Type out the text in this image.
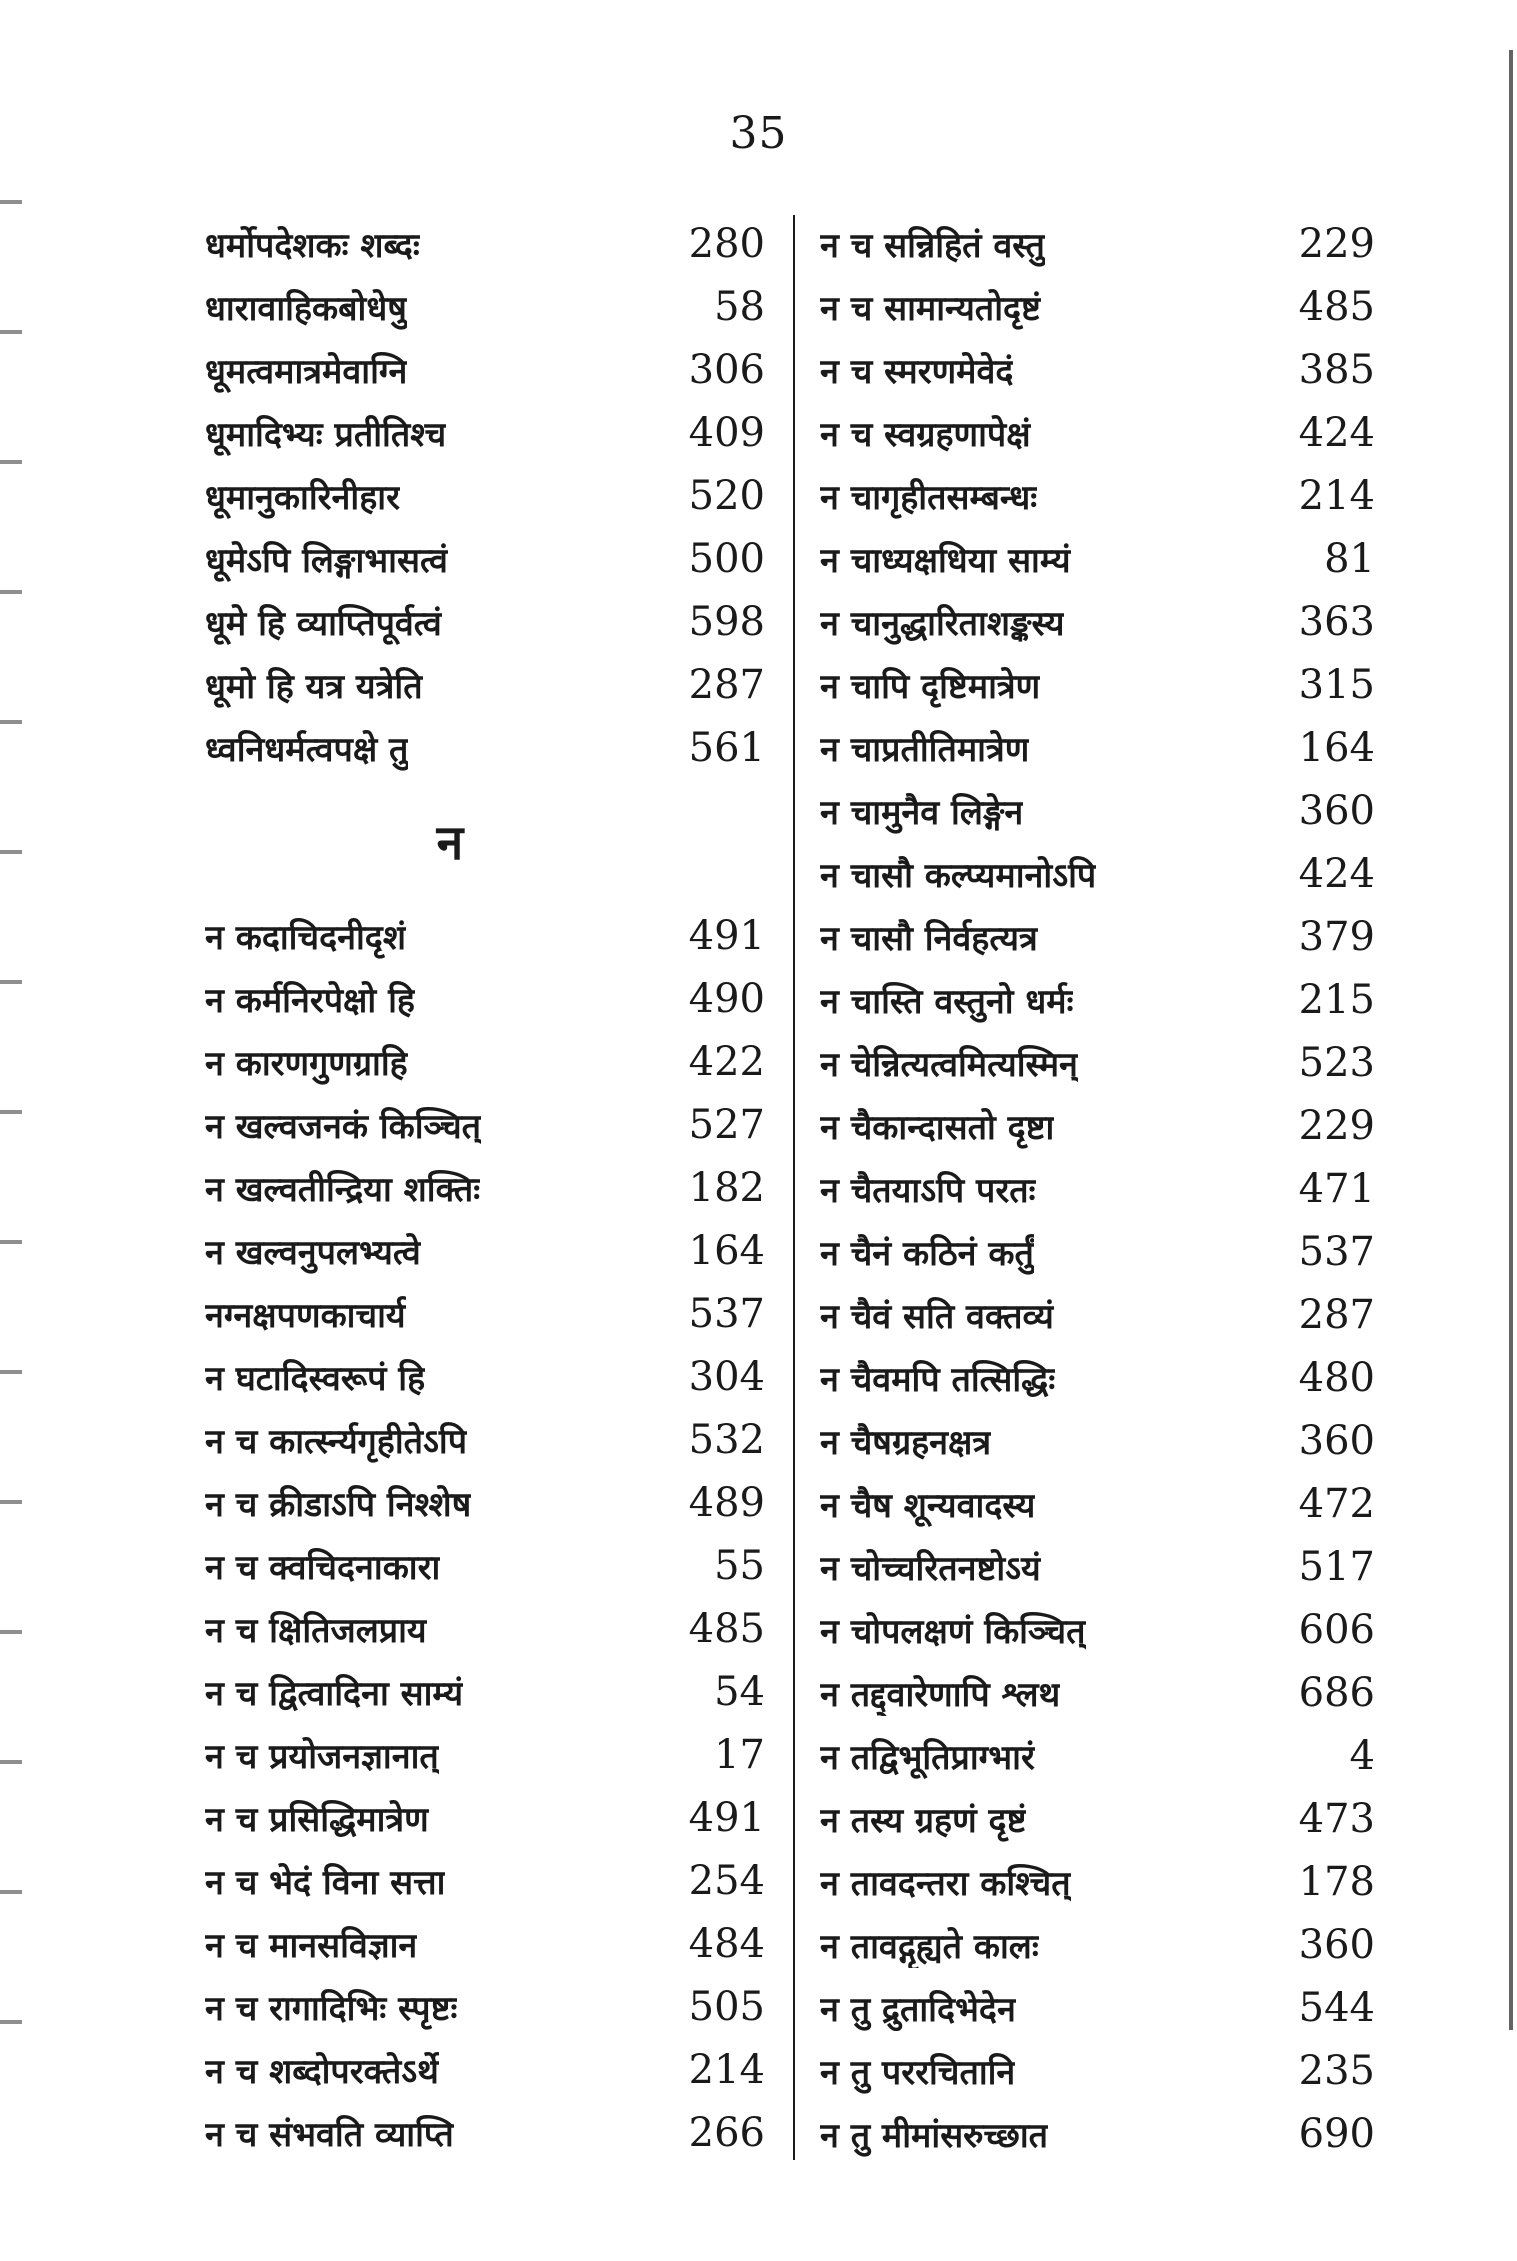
35
धर्मोपदेशकः शब्दः	280
धारावाहिकबोधेषु	58
धूमत्वमात्रमेवाग्नि	306
धूमादिभ्यः प्रतीतिश्च	409
धूमानुकारिनीहार	520
धूमेऽपि लिङ्गाभासत्वं	500
धूमे हि व्याप्तिपूर्वत्वं	598
धूमो हि यत्र यत्रेति	287
ध्वनिधर्मत्वपक्षे तु	561
न
न कदाचिदनीदृशं	491
न कर्मनिरपेक्षो हि	490
न कारणगुणग्राहि	422
न खल्वजनकं किञ्चित्	527
न खल्वतीन्द्रिया शक्तिः	182
न खल्वनुपलभ्यत्वे	164
नग्नक्षपणकाचार्य	537
न घटादिस्वरूपं हि	304
न च कार्त्स्न्यगृहीतेऽपि	532
न च क्रीडाऽपि निश्शेष	489
न च क्वचिदनाकारा	55
न च क्षितिजलप्राय	485
न च द्वित्वादिना साम्यं	54
न च प्रयोजनज्ञानात्	17
न च प्रसिद्धिमात्रेण	491
न च भेदं विना सत्ता	254
न च मानसविज्ञान	484
न च रागादिभिः स्पृष्टः	505
न च शब्दोपरक्तेऽर्थे	214
न च संभवति व्याप्ति	266
न च सन्निहितं वस्तु	229
न च सामान्यतोदृष्टं	485
न च स्मरणमेवेदं	385
न च स्वग्रहणापेक्षं	424
न चागृहीतसम्बन्धः	214
न चाध्यक्षधिया साम्यं	81
न चानुद्धारिताशङ्कस्य	363
न चापि दृष्टिमात्रेण	315
न चाप्रतीतिमात्रेण	164
न चामुनैव लिङ्गेन	360
न चासौ कल्प्यमानोऽपि	424
न चासौ निर्वहत्यत्र	379
न चास्ति वस्तुनो धर्मः	215
न चेन्नित्यत्वमित्यस्मिन्	523
न चैकान्दासतो दृष्टा	229
न चैतयाऽपि परतः	471
न चैनं कठिनं कर्तुं	537
न चैवं सति वक्तव्यं	287
न चैवमपि तत्सिद्धिः	480
न चैषग्रहनक्षत्र	360
न चैष शून्यवादस्य	472
न चोच्चरितनष्टोऽयं	517
न चोपलक्षणं किञ्चित्	606
न तद्द्वारेणापि श्लथ	686
न तद्विभूतिप्राग्भारं	4
न तस्य ग्रहणं दृष्टं	473
न तावदन्तरा कश्चित्	178
न तावद्गृह्यते कालः	360
न तु द्रुतादिभेदेन	544
न तु पररचितानि	235
न तु मीमांसरुच्छात	690
